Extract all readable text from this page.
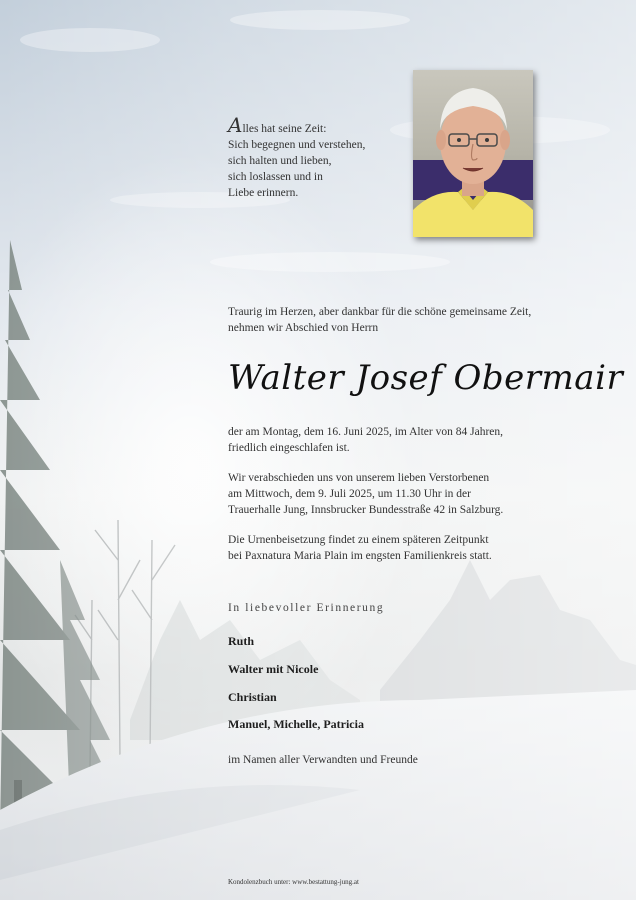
Alles hat seine Zeit:
Sich begegnen und verstehen,
sich halten und lieben,
sich loslassen und in
Liebe erinnern.
Traurig im Herzen, aber dankbar für die schöne gemeinsame Zeit,
nehmen wir Abschied von Herrn
Walter Josef Obermair
der am Montag, dem 16. Juni 2025, im Alter von 84 Jahren,
friedlich eingeschlafen ist.
Wir verabschieden uns von unserem lieben Verstorbenen
am Mittwoch, dem 9. Juli 2025, um 11.30 Uhr in der
Trauerhalle Jung, Innsbrucker Bundesstraße 42 in Salzburg.
Die Urnenbeisetzung findet zu einem späteren Zeitpunkt
bei Paxnatura Maria Plain im engsten Familienkreis statt.
In liebevoller Erinnerung
Ruth
Walter mit Nicole
Christian
Manuel, Michelle, Patricia
im Namen aller Verwandten und Freunde
Kondolenzbuch unter: www.bestattung-jung.at
